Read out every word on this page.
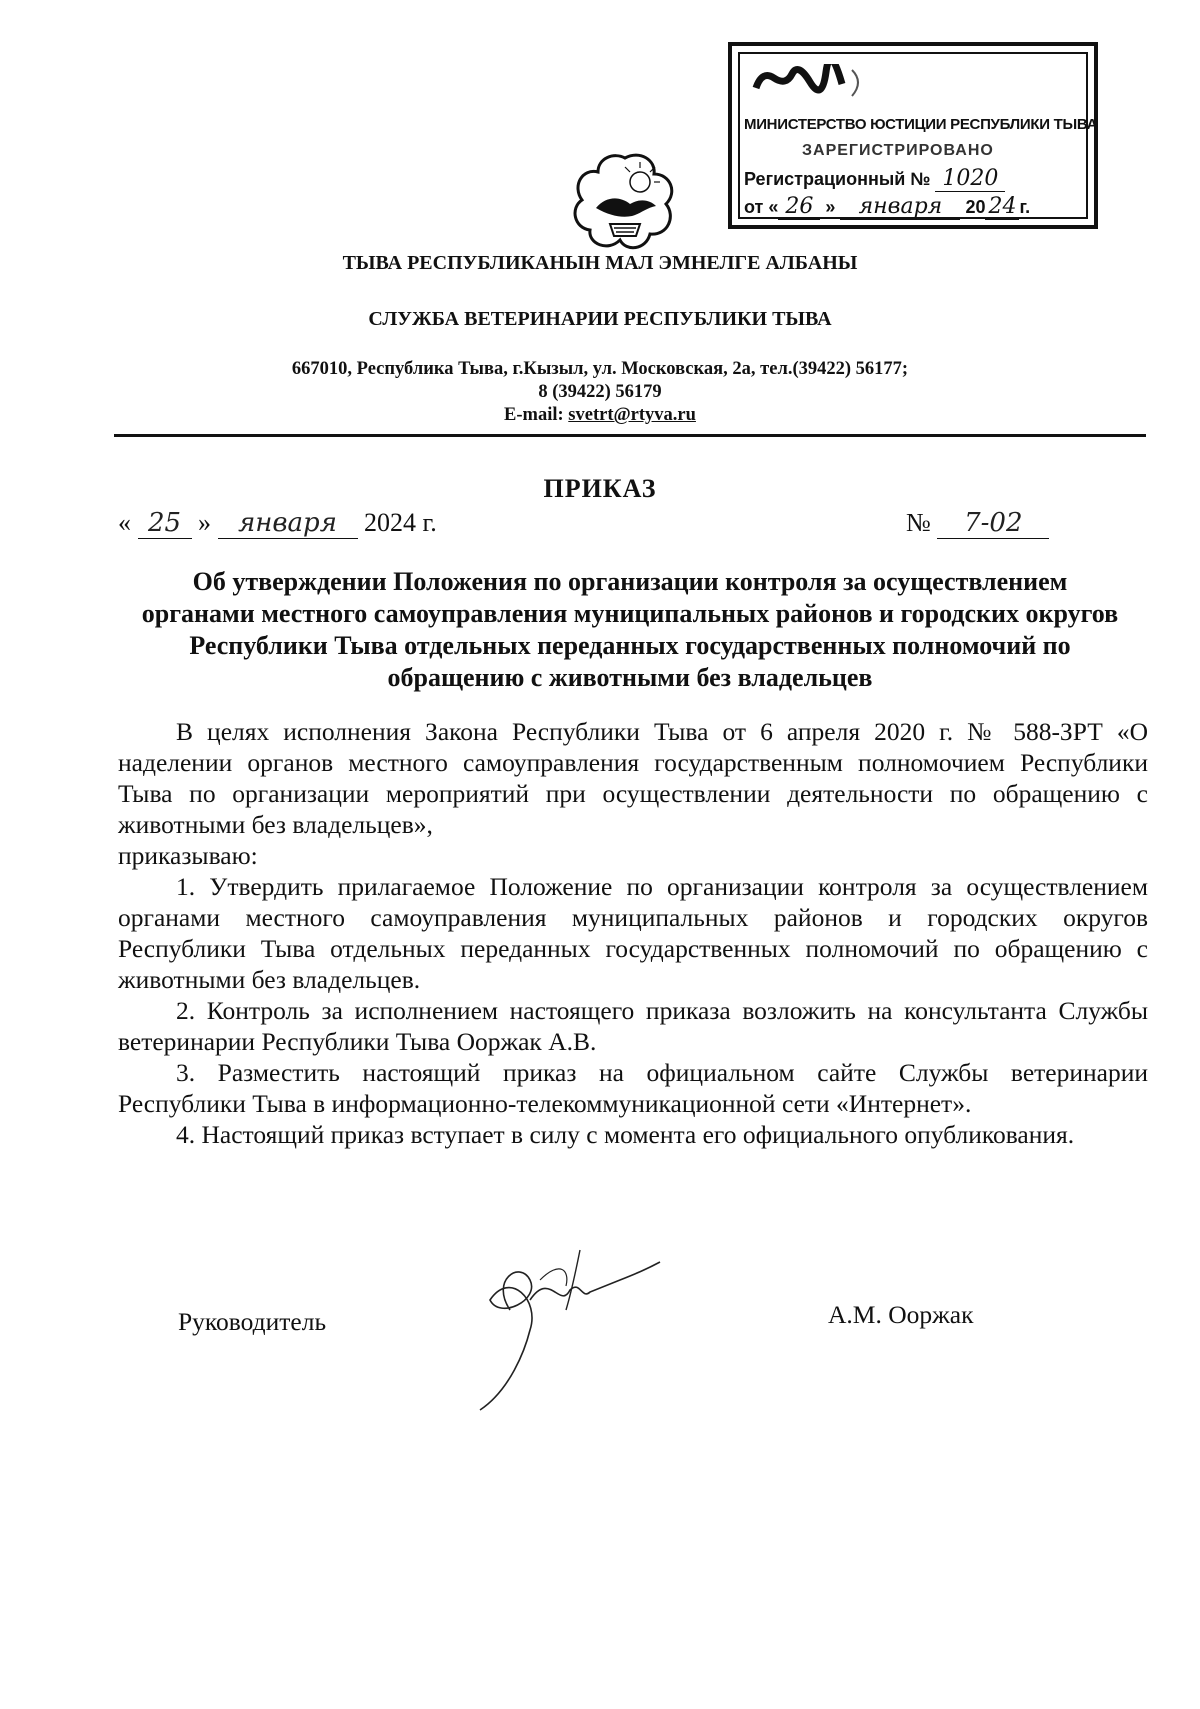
МИНИСТЕРСТВО ЮСТИЦИИ РЕСПУБЛИКИ ТЫВА
ЗАРЕГИСТРИРОВАНО
Регистрационный № 1020
от « 26 » января 20 24 г.
ТЫВА РЕСПУБЛИКАНЫН МАЛ ЭМНЕЛГЕ АЛБАНЫ
СЛУЖБА ВЕТЕРИНАРИИ РЕСПУБЛИКИ ТЫВА
667010, Республика Тыва, г.Кызыл, ул. Московская, 2а, тел.(39422) 56177;
8 (39422) 56179
E-mail: svetrt@rtyva.ru
ПРИКАЗ
« 25 » января 2024 г.	№ 7-02
Об утверждении Положения по организации контроля за осуществлением органами местного самоуправления муниципальных районов и городских округов Республики Тыва отдельных переданных государственных полномочий по обращению с животными без владельцев

В целях исполнения Закона Республики Тыва от 6 апреля 2020 г. № 588-ЗРТ «О наделении органов местного самоуправления государственным полномочием Республики Тыва по организации мероприятий при осуществлении деятельности по обращению с животными без владельцев»,

приказываю:

1. Утвердить прилагаемое Положение по организации контроля за осуществлением органами местного самоуправления муниципальных районов и городских округов Республики Тыва отдельных переданных государственных полномочий по обращению с животными без владельцев.

2. Контроль за исполнением настоящего приказа возложить на консультанта Службы ветеринарии Республики Тыва Ооржак А.В.

3. Разместить настоящий приказ на официальном сайте Службы ветеринарии Республики Тыва в информационно-телекоммуникационной сети «Интернет».

4. Настоящий приказ вступает в силу с момента его официального опубликования.

Руководитель	А.М. Ооржак
